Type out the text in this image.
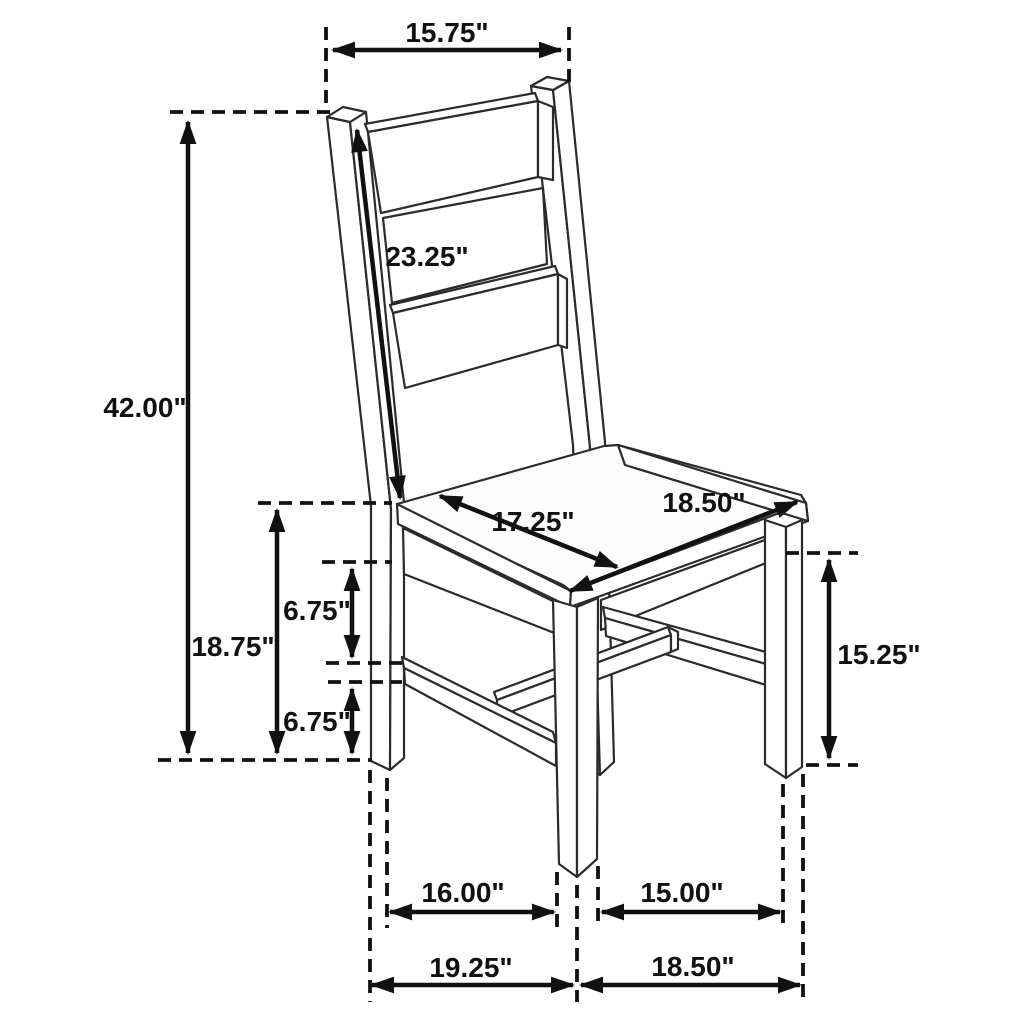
15.75"
42.00"
23.25"
17.25"
18.50"
18.75"
6.75"
6.75"
15.25"
16.00"	15.00"
19.25"	18.50"
